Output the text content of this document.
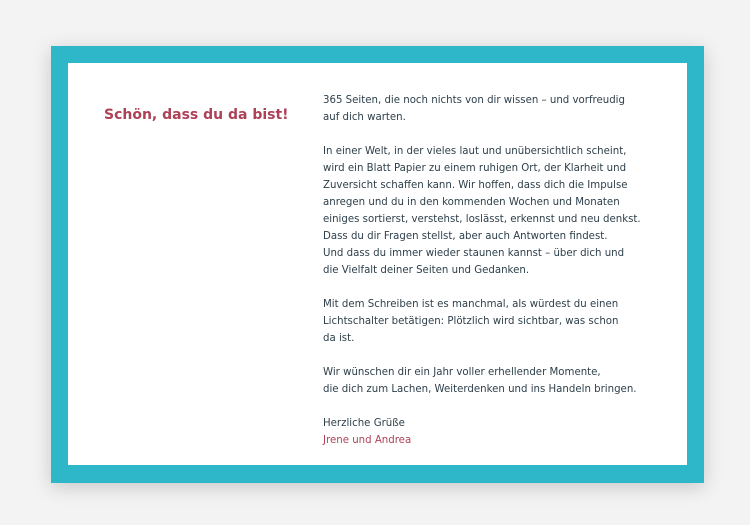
Schön, dass du da bist!

365 Seiten, die noch nichts von dir wissen – und vorfreudig
auf dich warten.

In einer Welt, in der vieles laut und unübersichtlich scheint,
wird ein Blatt Papier zu einem ruhigen Ort, der Klarheit und
Zuversicht schaffen kann. Wir hoffen, dass dich die Impulse
anregen und du in den kommenden Wochen und Monaten
einiges sortierst, verstehst, loslässt, erkennst und neu denkst.
Dass du dir Fragen stellst, aber auch Antworten findest.
Und dass du immer wieder staunen kannst – über dich und
die Vielfalt deiner Seiten und Gedanken.

Mit dem Schreiben ist es manchmal, als würdest du einen
Lichtschalter betätigen: Plötzlich wird sichtbar, was schon
da ist.

Wir wünschen dir ein Jahr voller erhellender Momente,
die dich zum Lachen, Weiterdenken und ins Handeln bringen.

Herzliche Grüße
Jrene und Andrea
